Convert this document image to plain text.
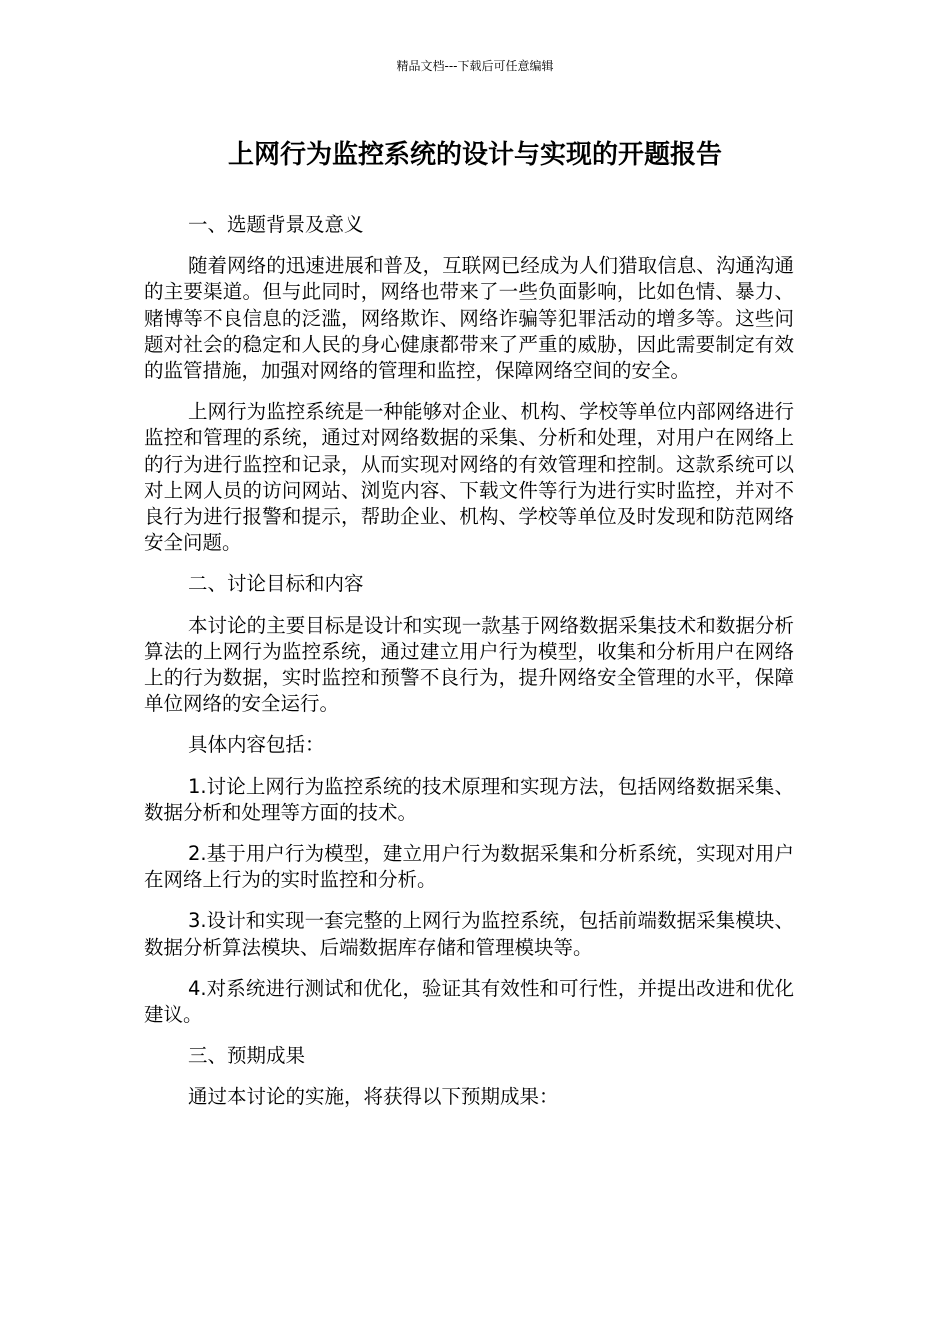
精品文档---下载后可任意编辑
上网行为监控系统的设计与实现的开题报告

一、选题背景及意义

随着网络的迅速进展和普及，互联网已经成为人们猎取信息、沟通沟通的主要渠道。但与此同时，网络也带来了一些负面影响，比如色情、暴力、赌博等不良信息的泛滥，网络欺诈、网络诈骗等犯罪活动的增多等。这些问题对社会的稳定和人民的身心健康都带来了严重的威胁，因此需要制定有效的监管措施，加强对网络的管理和监控，保障网络空间的安全。

上网行为监控系统是一种能够对企业、机构、学校等单位内部网络进行监控和管理的系统，通过对网络数据的采集、分析和处理，对用户在网络上的行为进行监控和记录，从而实现对网络的有效管理和控制。这款系统可以对上网人员的访问网站、浏览内容、下载文件等行为进行实时监控，并对不良行为进行报警和提示，帮助企业、机构、学校等单位及时发现和防范网络安全问题。

二、讨论目标和内容

本讨论的主要目标是设计和实现一款基于网络数据采集技术和数据分析算法的上网行为监控系统，通过建立用户行为模型，收集和分析用户在网络上的行为数据，实时监控和预警不良行为，提升网络安全管理的水平，保障单位网络的安全运行。

具体内容包括：

1.讨论上网行为监控系统的技术原理和实现方法，包括网络数据采集、数据分析和处理等方面的技术。

2.基于用户行为模型，建立用户行为数据采集和分析系统，实现对用户在网络上行为的实时监控和分析。

3.设计和实现一套完整的上网行为监控系统，包括前端数据采集模块、数据分析算法模块、后端数据库存储和管理模块等。

4.对系统进行测试和优化，验证其有效性和可行性，并提出改进和优化建议。

三、预期成果

通过本讨论的实施，将获得以下预期成果：
